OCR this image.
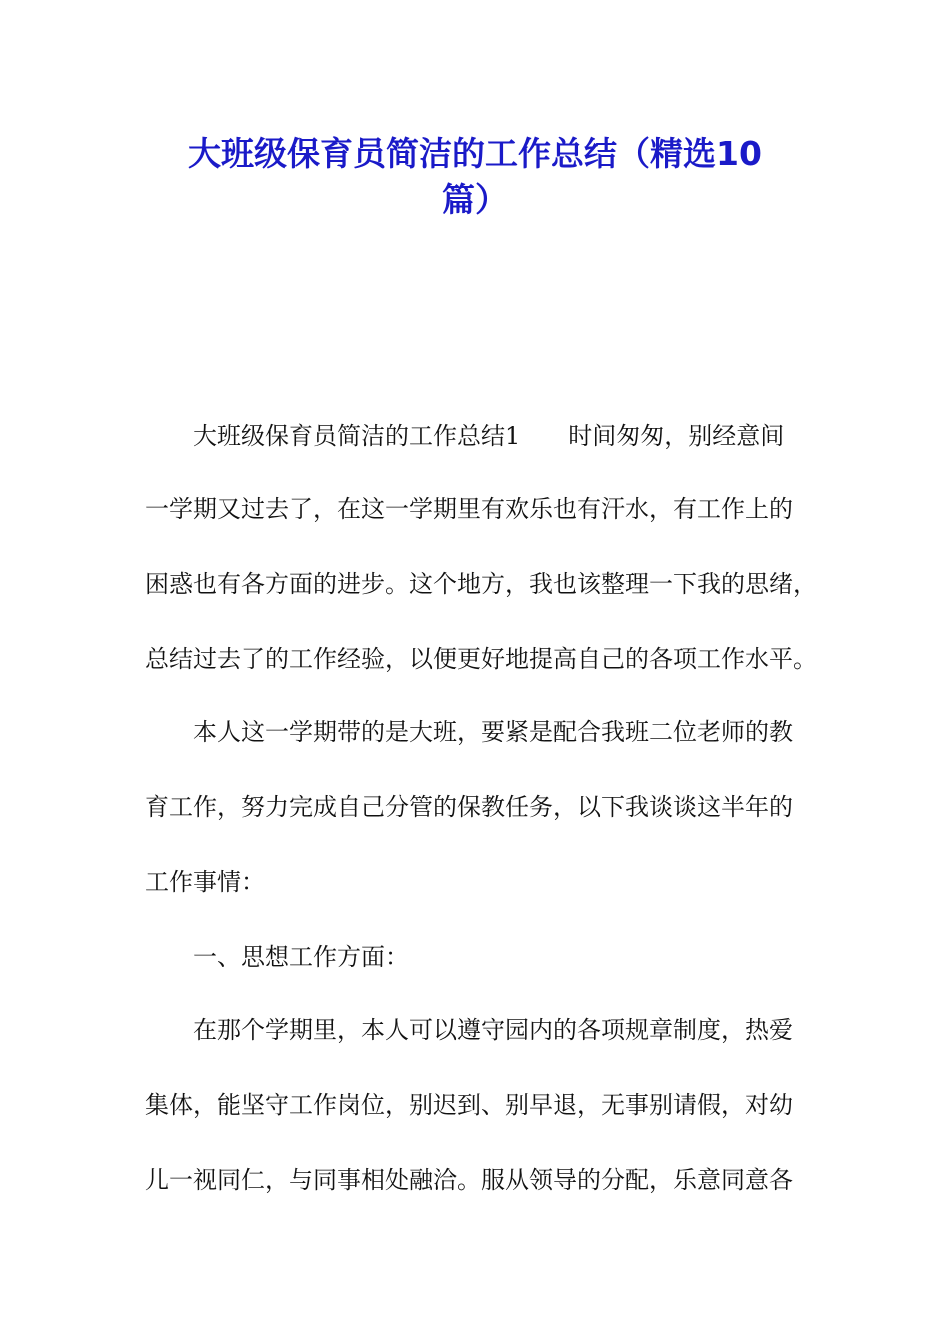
大班级保育员简洁的工作总结（精选10
篇）
大班级保育员简洁的工作总结1 时间匆匆，别经意间
一学期又过去了，在这一学期里有欢乐也有汗水，有工作上的
困惑也有各方面的进步。这个地方，我也该整理一下我的思绪，
总结过去了的工作经验，以便更好地提高自己的各项工作水平。
本人这一学期带的是大班，要紧是配合我班二位老师的教
育工作，努力完成自己分管的保教任务，以下我谈谈这半年的
工作事情：
一、思想工作方面：
在那个学期里，本人可以遵守园内的各项规章制度，热爱
集体，能坚守工作岗位，别迟到、别早退，无事别请假，对幼
儿一视同仁，与同事相处融洽。服从领导的分配，乐意同意各
